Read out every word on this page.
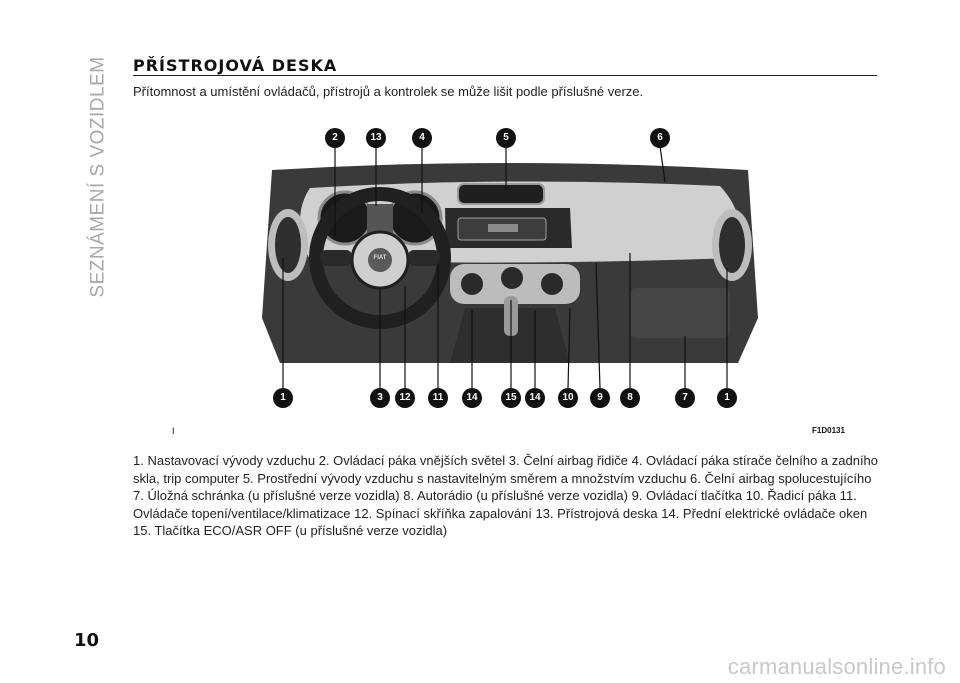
SEZNÁMENÍ S VOZIDLEM PŘÍSTROJOVÁ DESKA
Přítomnost a umístění ovládačů, přístrojů a kontrolek se může lišit podle příslušné verze.
2	13	4	5	6
1	3	12	11	14	15	14	10	9	8	7	1
FIAT
I	F1D0131

1. Nastavovací vývody vzduchu 2. Ovládací páka vnějších světel 3. Čelní airbag řidiče 4. Ovládací páka stírače čelního a zadního skla, trip computer 5. Prostřední vývody vzduchu s nastavitelným směrem a množstvím vzduchu 6. Čelní airbag spolucestujícího 7. Úložná schránka (u příslušné verze vozidla) 8. Autorádio (u příslušné verze vozidla) 9. Ovládací tlačítka 10. Řadicí páka 11. Ovládače topení/ventilace/klimatizace 12. Spínací skříňka zapalování 13. Přístrojová deska 14. Přední elektrické ovládače oken 15. Tlačítka ECO/ASR OFF (u příslušné verze vozidla)

10
carmanualsonline.info
